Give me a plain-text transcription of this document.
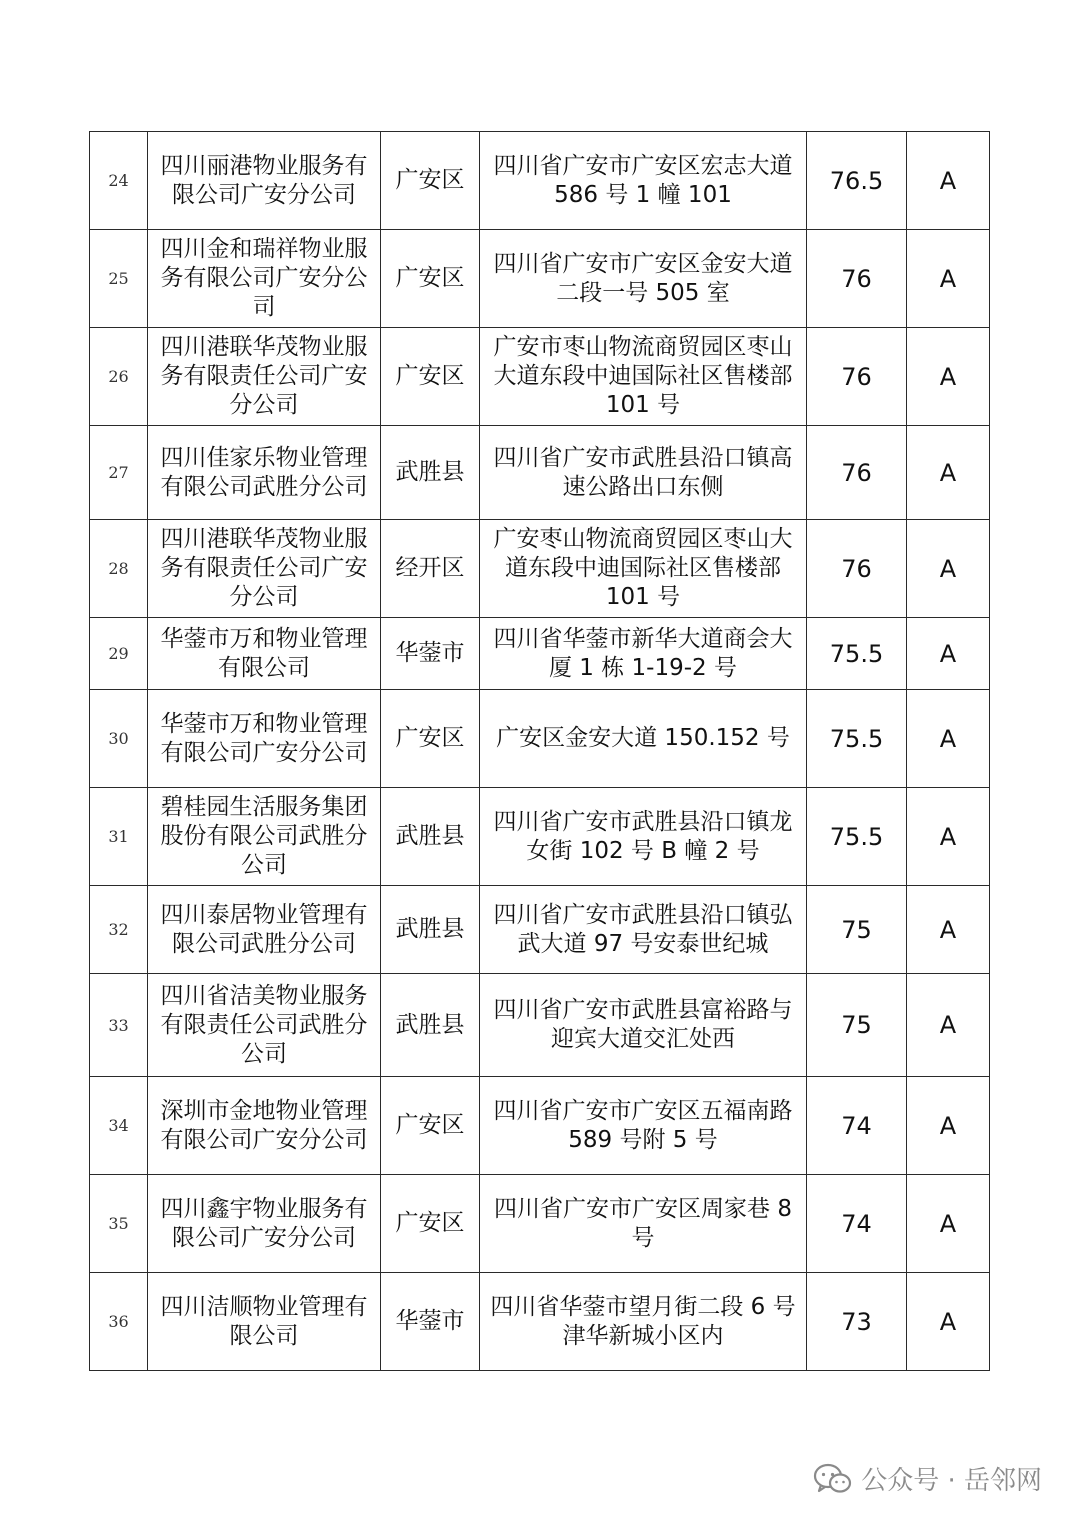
24	四川丽港物业服务有限公司广安分公司	广安区	四川省广安市广安区宏志大道 586 号 1 幢 101	76.5	A
25	四川金和瑞祥物业服务有限公司广安分公司	广安区	四川省广安市广安区金安大道二段一号 505 室	76	A
26	四川港联华茂物业服务有限责任公司广安分公司	广安区	广安市枣山物流商贸园区枣山大道东段中迪国际社区售楼部 101 号	76	A
27	四川佳家乐物业管理有限公司武胜分公司	武胜县	四川省广安市武胜县沿口镇高速公路出口东侧	76	A
28	四川港联华茂物业服务有限责任公司广安分公司	经开区	广安枣山物流商贸园区枣山大道东段中迪国际社区售楼部 101 号	76	A
29	华蓥市万和物业管理有限公司	华蓥市	四川省华蓥市新华大道商会大厦 1 栋 1-19-2 号	75.5	A
30	华蓥市万和物业管理有限公司广安分公司	广安区	广安区金安大道 150.152 号	75.5	A
31	碧桂园生活服务集团股份有限公司武胜分公司	武胜县	四川省广安市武胜县沿口镇龙女街 102 号 B 幢 2 号	75.5	A
32	四川泰居物业管理有限公司武胜分公司	武胜县	四川省广安市武胜县沿口镇弘武大道 97 号安泰世纪城	75	A
33	四川省洁美物业服务有限责任公司武胜分公司	武胜县	四川省广安市武胜县富裕路与迎宾大道交汇处西	75	A
34	深圳市金地物业管理有限公司广安分公司	广安区	四川省广安市广安区五福南路 589 号附 5 号	74	A
35	四川鑫宇物业服务有限公司广安分公司	广安区	四川省广安市广安区周家巷 8 号	74	A
36	四川洁顺物业管理有限公司	华蓥市	四川省华蓥市望月街二段 6 号津华新城小区内	73	A
公众号 · 岳邻网
